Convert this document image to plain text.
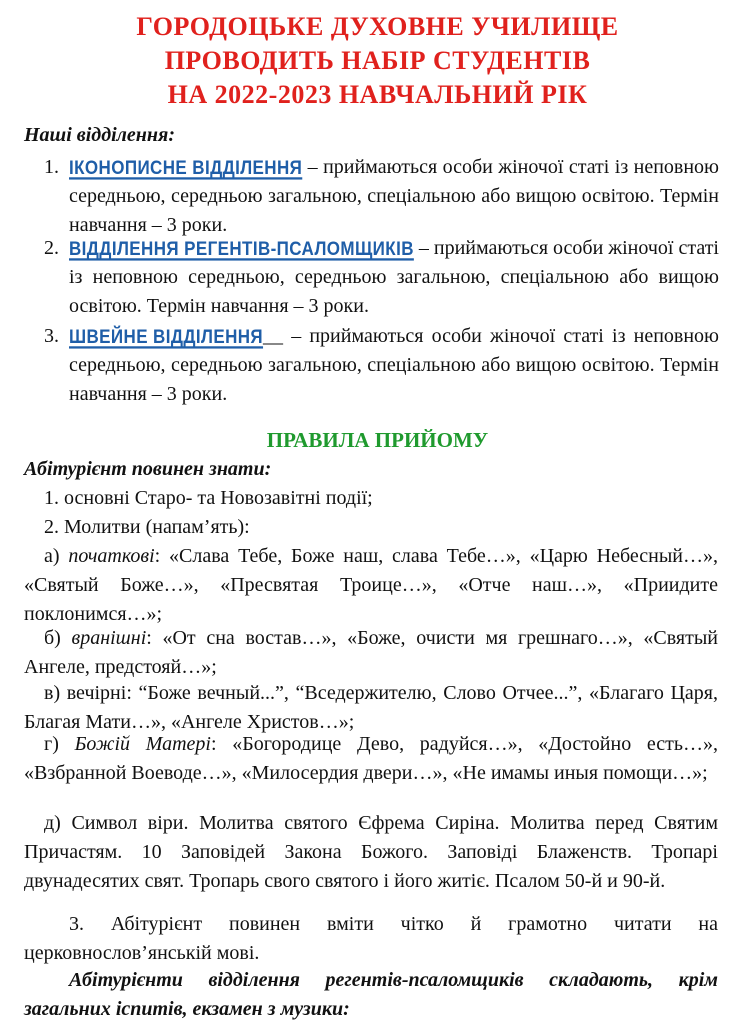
ГОРОДОЦЬКЕ ДУХОВНЕ УЧИЛИЩЕ
ПРОВОДИТЬ НАБІР СТУДЕНТІВ
НА 2022-2023 НАВЧАЛЬНИЙ РІК
Наші відділення:
1. ІКОНОПИСНЕ ВІДДІЛЕННЯ – приймаються особи жіночої статі із неповною середньою, середньою загальною, спеціальною або вищою освітою. Термін навчання – 3 роки.
2. ВІДДІЛЕННЯ РЕГЕНТІВ-ПСАЛОМЩИКІВ – приймаються особи жіночої статі із неповною середньою, середньою загальною, спеціальною або вищою освітою. Термін навчання – 3 роки.
3. ШВЕЙНЕ ВІДДІЛЕННЯ__ – приймаються особи жіночої статі із неповною середньою, середньою загальною, спеціальною або вищою освітою. Термін навчання – 3 роки.
ПРАВИЛА ПРИЙОМУ
Абітурієнт повинен знати:
1. основні Старо- та Новозавітні події;
2. Молитви (напам’ять):
а) початкові: «Слава Тебе, Боже наш, слава Тебе…», «Царю Небесный…», «Святый Боже…», «Пресвятая Троице…», «Отче наш…», «Приидите поклонимся…»;
б) вранішні: «От сна востав…», «Боже, очисти мя грешнаго…», «Святый Ангеле, предстояй…»;
в) вечірні: “Боже вечный...”, “Вседержителю, Слово Отчее...”, «Благаго Царя, Благая Мати…», «Ангеле Христов…»;
г) Божій Матері: «Богородице Дево, радуйся…», «Достойно есть…», «Взбранной Воеводе…», «Милосердия двери…», «Не имамы иныя помощи…»;
д) Символ віри. Молитва святого Єфрема Сиріна. Молитва перед Святим Причастям. 10 Заповідей Закона Божого. Заповіді Блаженств. Тропарі двунадесятих свят. Тропарь свого святого і його житіє. Псалом 50-й и 90-й.
3. Абітурієнт повинен вміти чітко й грамотно читати на церковнослов’янській мові.
Абітурієнти відділення регентів-псаломщиків складають, крім загальних іспитів, екзамен з музики:
